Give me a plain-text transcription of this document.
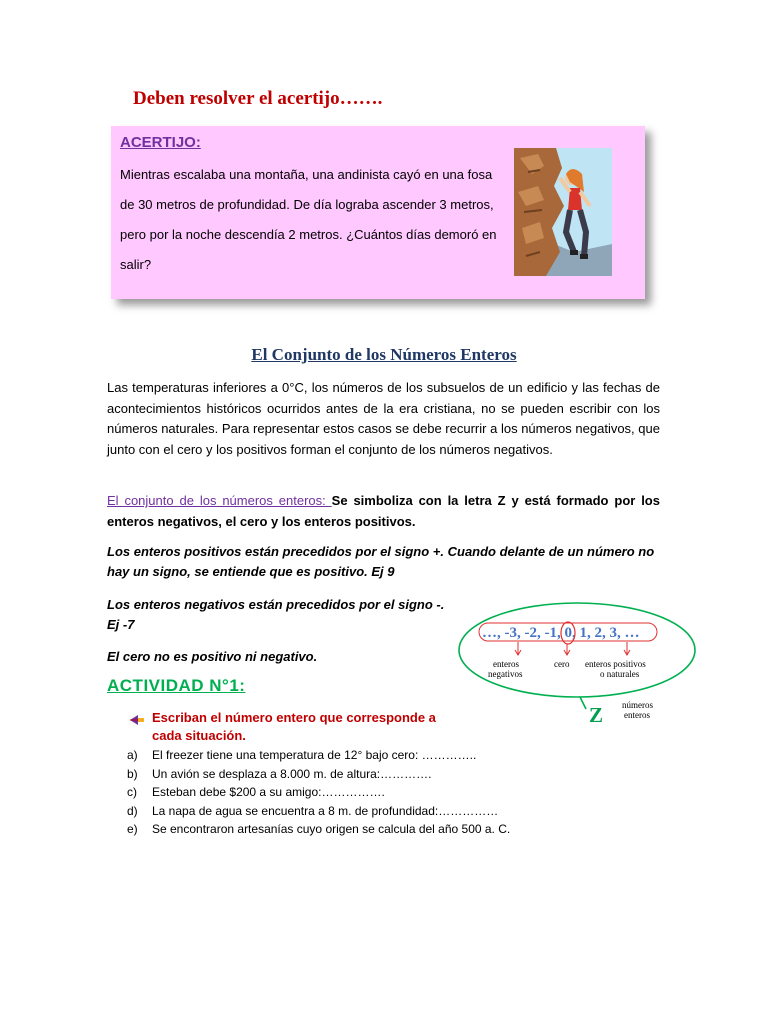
Deben resolver el acertijo…….
ACERTIJO:
Mientras escalaba una montaña, una andinista cayó en una fosa
de 30 metros de profundidad. De día lograba ascender 3 metros,
pero por la noche descendía 2 metros. ¿Cuántos días demoró en
salir?
El Conjunto de los Números Enteros
Las temperaturas inferiores a 0°C, los números de los subsuelos de un edificio y las fechas de acontecimientos históricos ocurridos antes de la era cristiana, no se pueden escribir con los números naturales. Para representar estos casos se debe recurrir a los números negativos, que junto con el cero y los positivos forman el conjunto de los números negativos.
El conjunto de los números enteros: Se simboliza con la letra Z y está formado por los enteros negativos, el cero y los enteros positivos.
Los enteros positivos están precedidos por el signo +. Cuando delante de un número no hay un signo, se entiende que es positivo. Ej 9
Los enteros negativos están precedidos por el signo -.
Ej -7
El cero no es positivo ni negativo.
…, -3, -2, -1, 0, 1, 2, 3, …
enteros
negativos
cero enteros positivos
o naturales
Z números
enteros
ACTIVIDAD N°1:
Escriban el número entero que corresponde a cada situación.
a)	El freezer tiene una temperatura de 12° bajo cero: …………..
b)	Un avión se desplaza a 8.000 m. de altura:………….
c)	Esteban debe $200 a su amigo:…………….
d)	La napa de agua se encuentra a 8 m. de profundidad:……………
e)	Se encontraron artesanías cuyo origen se calcula del año 500 a. C.
